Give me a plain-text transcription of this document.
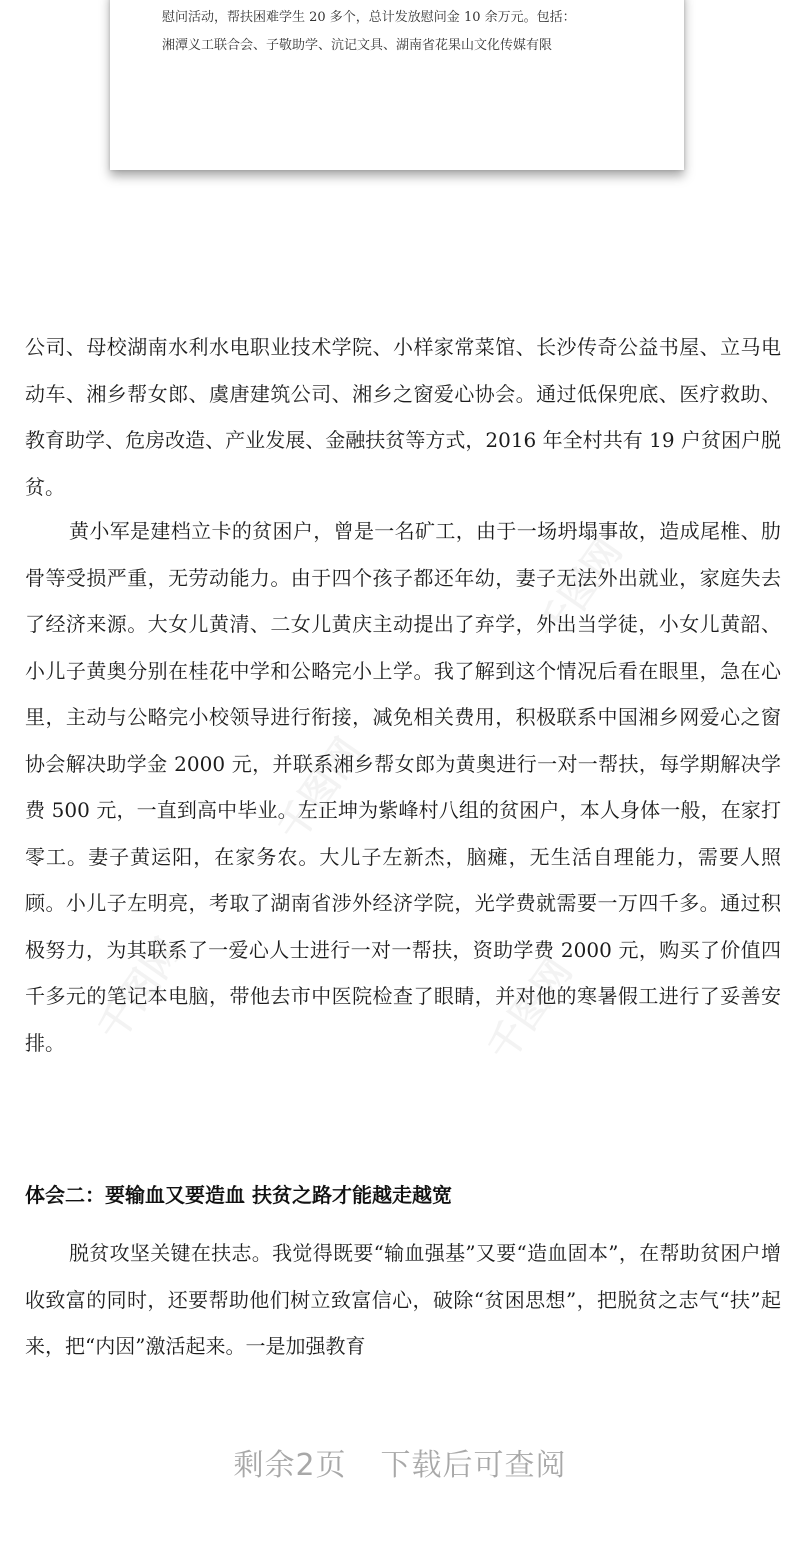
慰问活动，帮扶困难学生 20 多个，总计发放慰问金 10 余万元。包括：
湘潭义工联合会、子敬助学、沆记文具、湖南省花果山文化传媒有限
千图网
千图网
千图网
千图网

公司、母校湖南水利水电职业技术学院、小样家常菜馆、长沙传奇公益书屋、立马电动车、湘乡帮女郎、虞唐建筑公司、湘乡之窗爱心协会。通过低保兜底、医疗救助、教育助学、危房改造、产业发展、金融扶贫等方式，2016 年全村共有 19 户贫困户脱贫。

黄小军是建档立卡的贫困户，曾是一名矿工，由于一场坍塌事故，造成尾椎、肋骨等受损严重，无劳动能力。由于四个孩子都还年幼，妻子无法外出就业，家庭失去了经济来源。大女儿黄清、二女儿黄庆主动提出了弃学，外出当学徒，小女儿黄韶、小儿子黄奥分别在桂花中学和公略完小上学。我了解到这个情况后看在眼里，急在心里，主动与公略完小校领导进行衔接，减免相关费用，积极联系中国湘乡网爱心之窗协会解决助学金 2000 元，并联系湘乡帮女郎为黄奥进行一对一帮扶，每学期解决学费 500 元，一直到高中毕业。左正坤为紫峰村八组的贫困户，本人身体一般，在家打零工。妻子黄运阳，在家务农。大儿子左新杰，脑瘫，无生活自理能力，需要人照顾。小儿子左明亮，考取了湖南省涉外经济学院，光学费就需要一万四千多。通过积极努力，为其联系了一爱心人士进行一对一帮扶，资助学费 2000 元，购买了价值四千多元的笔记本电脑，带他去市中医院检查了眼睛，并对他的寒暑假工进行了妥善安排。

体会二：要输血又要造血 扶贫之路才能越走越宽

脱贫攻坚关键在扶志。我觉得既要“输血强基”又要“造血固本”，在帮助贫困户增收致富的同时，还要帮助他们树立致富信心，破除“贫困思想”，把脱贫之志气“扶”起来，把“内因”激活起来。一是加强教育

剩余2页 下载后可查阅
